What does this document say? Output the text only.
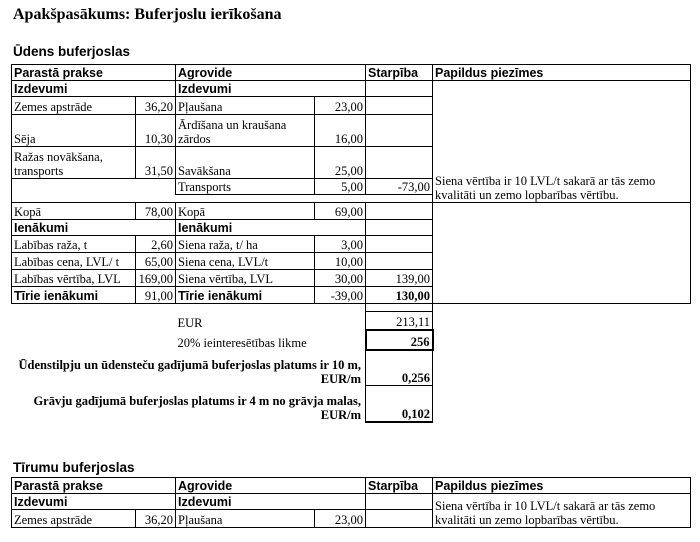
Apakšpasākums: Buferjoslu ierīkošana
Ūdens buferjoslas
Parastā prakse		Agrovide		Starpība	Papildus piezīmes
Izdevumi		Izdevumi			Siena vērtība ir 10 LVL/t sakarā ar tās zemo kvalitāti un zemo lopbarības vērtību.
Zemes apstrāde	36,20	Pļaušana	23,00		
Sēja	10,30	Ārdīšana un kraušana zārdos	16,00		
Ražas novākšana, transports	31,50	Savākšana	25,00		
		Transports	5,00	-73,00	

Kopā	78,00	Kopā	69,00		
Ienākumi		Ienākumi			
Labības raža, t	2,60	Siena raža, t/ ha	3,00		
Labības cena, LVL/ t	65,00	Siena cena, LVL/t	10,00		
Labības vērtība, LVL	169,00	Siena vērtība, LVL	30,00	139,00	
Tīrie ienākumi	91,00	Tīrie ienākumi	-39,00	130,00	

		EUR		213,11	
		20% ieinteresētības likme		256	
Ūdenstilpju un ūdensteču gadījumā buferjoslas platums ir 10 m, EUR/m				0,256	
Grāvju gadījumā buferjoslas platums ir 4 m no grāvja malas, EUR/m				0,102	
Tīrumu buferjoslas
Parastā prakse		Agrovide		Starpība	Papildus piezīmes
Izdevumi		Izdevumi			Siena vērtība ir 10 LVL/t sakarā ar tās zemo kvalitāti un zemo lopbarības vērtību.
Zemes apstrāde	36,20	Pļaušana	23,00		
